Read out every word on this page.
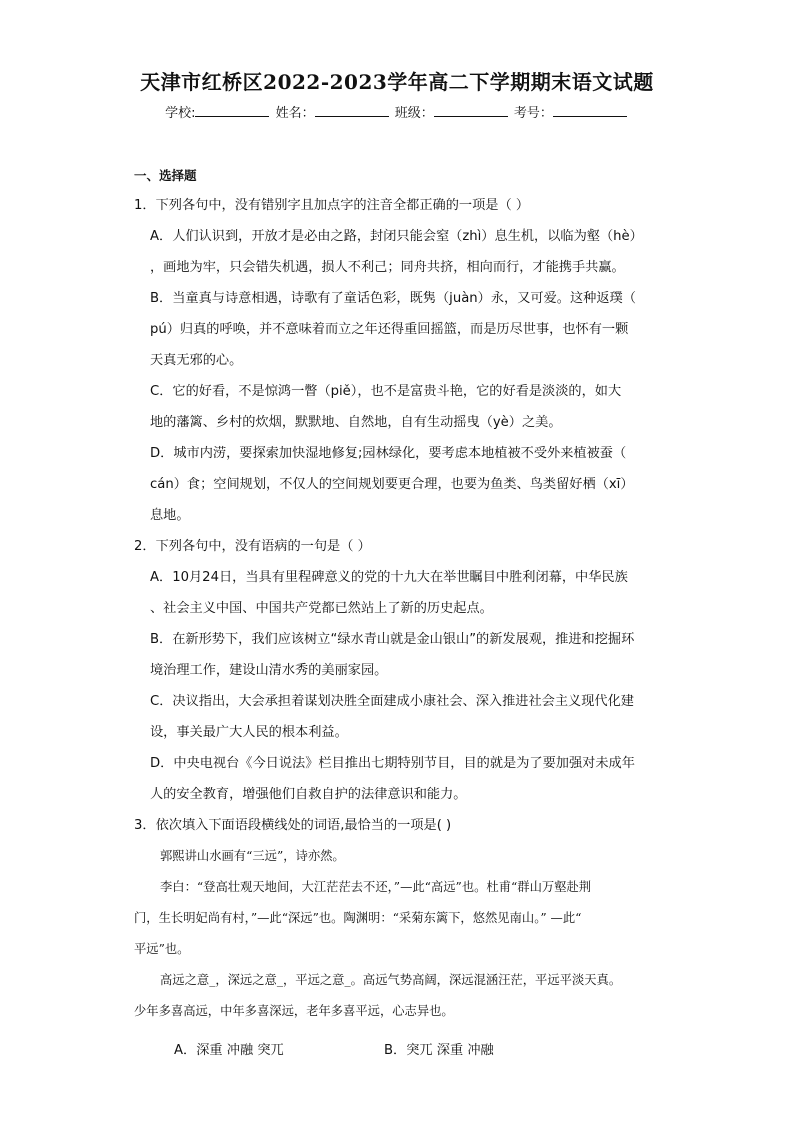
天津市红桥区2022-2023学年高二下学期期末语文试题
学校:	姓名：	班级：	考号：
一、选择题

1．下列各句中，没有错别字且加点字的注音全都正确的一项是（ ）

A．人们认识到，开放才是必由之路，封闭只能会窒（zhì）息生机，以临为壑（hè）

，画地为牢，只会错失机遇，损人不利己；同舟共挤，相向而行，才能携手共赢。

B．当童真与诗意相遇，诗歌有了童话色彩，既隽（juàn）永，又可爱。这种返璞（

pú）归真的呼唤，并不意味着而立之年还得重回摇篮，而是历尽世事，也怀有一颗

天真无邪的心。

C．它的好看，不是惊鸿一瞥（piě），也不是富贵斗艳，它的好看是淡淡的，如大

地的藩篱、乡村的炊烟，默默地、自然地，自有生动摇曳（yè）之美。

D．城市内涝，要探索加快湿地修复;园林绿化，要考虑本地植被不受外来植被蚕（

cán）食；空间规划，不仅人的空间规划要更合理，也要为鱼类、鸟类留好栖（xī）

息地。

2．下列各句中，没有语病的一句是（ ）

A．10月24日，当具有里程碑意义的党的十九大在举世瞩目中胜利闭幕，中华民族

、社会主义中国、中国共产党都已然站上了新的历史起点。

B．在新形势下，我们应该树立“绿水青山就是金山银山”的新发展观，推进和挖掘环

境治理工作，建设山清水秀的美丽家园。

C．决议指出，大会承担着谋划决胜全面建成小康社会、深入推进社会主义现代化建

设，事关最广大人民的根本利益。

D．中央电视台《今日说法》栏目推出七期特别节目，目的就是为了要加强对未成年

人的安全教育，增强他们自救自护的法律意识和能力。

3．依次填入下面语段横线处的词语,最恰当的一项是( )

郭熙讲山水画有“三远”，诗亦然。

李白：“登高壮观天地间，大江茫茫去不还，”—此“高远”也。杜甫“群山万壑赴荆

门，生长明妃尚有村，”—此“深远”也。陶渊明：“采菊东篱下，悠然见南山。” —此“

平远”也。

高远之意_，深远之意_，平远之意_。高远气势高阔，深远混涵汪茫，平远平淡天真。

少年多喜高远，中年多喜深远，老年多喜平远，心志异也。

A．深重 冲融 突兀	B．突兀 深重 冲融
